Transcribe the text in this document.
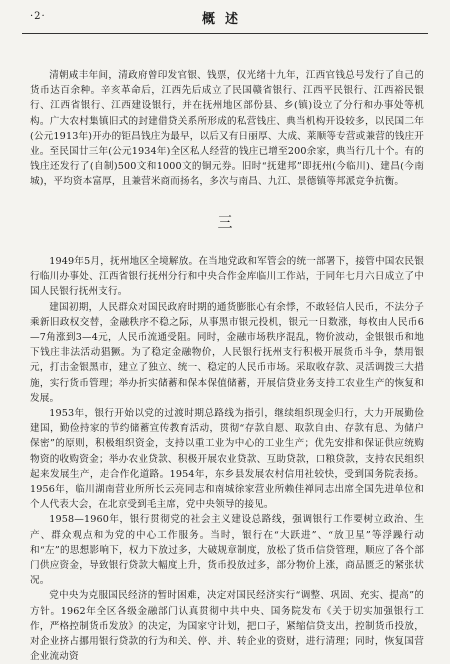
·2·	概述

清朝咸丰年间，清政府曾印发官银、钱票，仅光绪十九年，江西官钱总号发行了自己的货币达百余种。辛亥革命后，江西先后成立了民国赣省银行、江西平民银行、江西裕民银行、江西省银行、江西建设银行，并在抚州地区部份县、乡(镇)设立了分行和办事处等机构。广大农村集镇旧式的封建借贷关系所形成的私营钱庄、典当机构开设较多，以民国二年(公元1913年)开办的钜昌钱庄为最早，以后又有日丽厚、大成、莱顺等专营或兼营的钱庄开业。至民国廿三年(公元1934年)全区私人经营的钱庄已增至200余家，典当行几十个。有的钱庄还发行了(自制)500文和1000文的铜元券。旧时“抚建邦”即抚州(今临川)、建昌(今南城)，平均资本富厚，且兼营米商而扬名，多次与南昌、九江、景德镇等邦派竞争抗衡。

三

1949年5月，抚州地区全境解放。在当地党政和军管会的统一部署下，接管中国农民银行临川办事处、江西省银行抚州分行和中央合作金库临川工作站，于同年七月六日成立了中国人民银行抚州支行。

建国初期，人民群众对国民政府时期的通货膨胀心有余悸，不敢轻信人民币，不法分子乘新旧政权交替，金融秩序不稳之际，从事黑市银元投机，银元一日数涨，每枚由人民币6—7角涨到3—4元，人民币流通受阻。同时，金融市场秩序混乱，物价波动，金银银币和地下钱庄非法活动猖獗。为了稳定金融物价，人民银行抚州支行积极开展货币斗争，禁用银元，打击金银黑市，建立了独立、统一、稳定的人民币市场。采取收存款、灵活调拨三大措施，实行货币管理；举办折实储蓄和保本保值储蓄，开展信贷业务支持工农业生产的恢复和发展。

1953年，银行开始以党的过渡时期总路线为指引，继续组织现金归行，大力开展勤俭建国，勤俭持家的节约储蓄宣传教育活动，贯彻“存款自愿、取款自由、存款有息、为储户保密”的原则，积极组织资金，支持以重工业为中心的工业生产；优先安排和保证供应统购物资的收购资金；举办农业贷款、积极开展农业贷款、互助贷款，口粮贷款，支持农民组织起来发展生产，走合作化道路。1954年，东乡县发展农村信用社较快，受到国务院表扬。1956年，临川湖南营业所所长云亮同志和南城徐家营业所赖佳禅同志出席全国先进单位和个人代表大会，在北京受到毛主席，党中央领导的接见。

1958—1960年，银行贯彻党的社会主义建设总路线，强调银行工作要树立政治、生产、群众观点和为党的中心工作服务。当时，银行在“大跃进”、“放卫星”等浮躁行动和“左”的思想影响下，权力下放过多，大破规章制度，放松了货币信贷管理，顺应了各个部门供应资金，导致银行贷款大幅度上升，货币投放过多，部分物价上涨，商品匮乏的紧张状况。

党中央为克服国民经济的暂时困难，决定对国民经济实行“调整、巩固、充实、提高”的方针。1962年全区各级金融部门认真贯彻中共中央、国务院发布《关于切实加强银行工作，严格控制货币发放》的决定，为国家守计划，把口子，紧缩信贷支出，控制货币投放，对企业挤占挪用银行贷款的行为和关、停、并、转企业的资财，进行清理；同时，恢复国营企业流动资
